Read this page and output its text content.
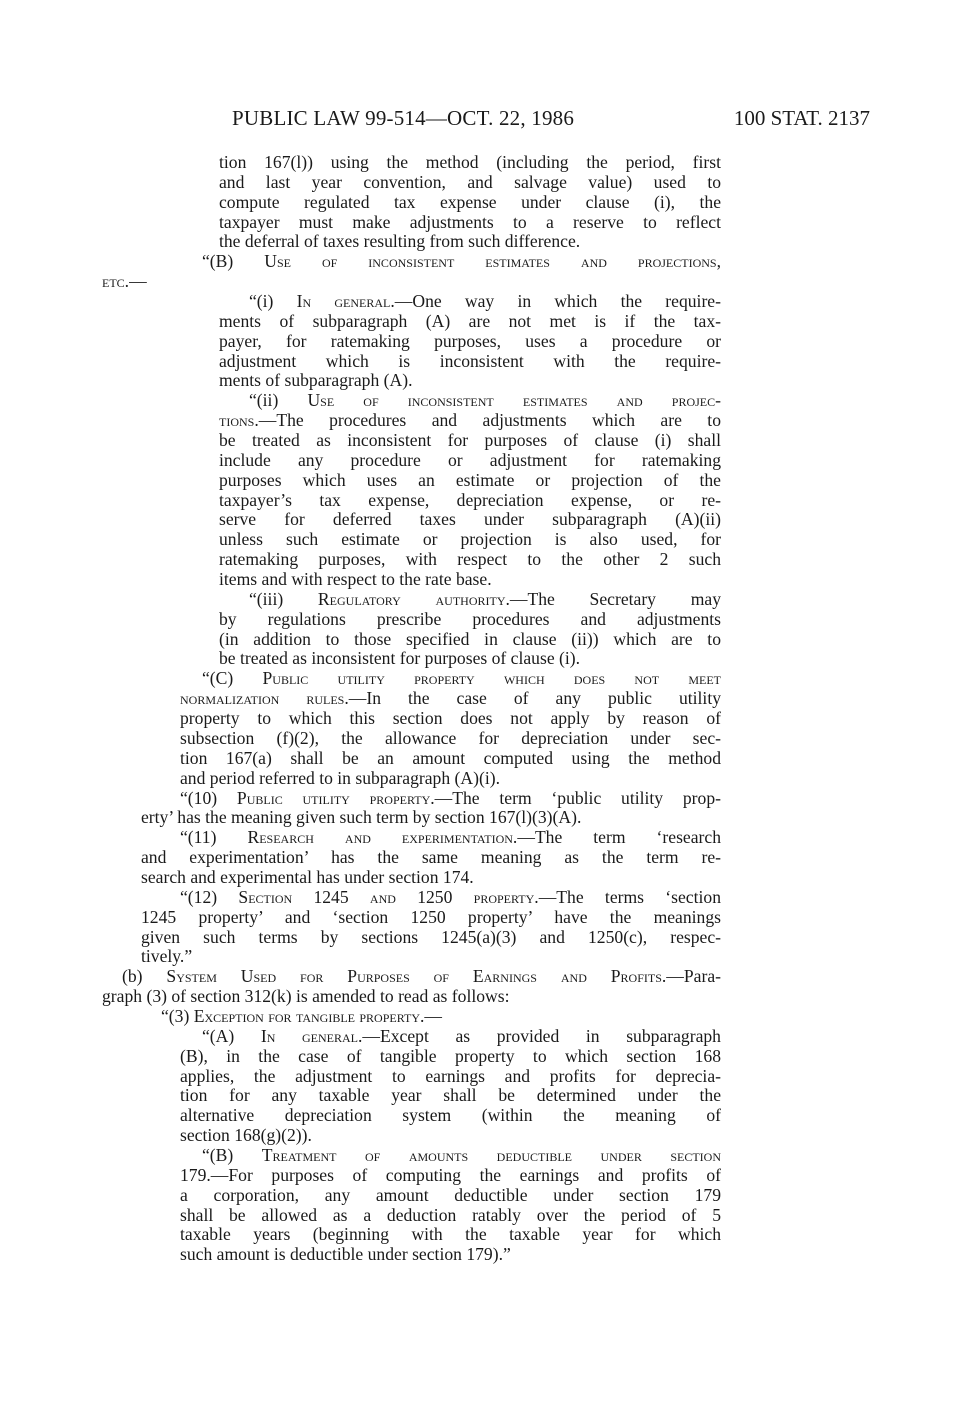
PUBLIC LAW 99-514—OCT. 22, 1986	100 STAT. 2137
tion 167(l)) using the method (including the period, first
and last year convention, and salvage value) used to
compute regulated tax expense under clause (i), the
taxpayer must make adjustments to a reserve to reflect
the deferral of taxes resulting from such difference.
“(B) Use of inconsistent estimates and projections,
etc.—
“(i) In general.—One way in which the require-
ments of subparagraph (A) are not met is if the tax-
payer, for ratemaking purposes, uses a procedure or
adjustment which is inconsistent with the require-
ments of subparagraph (A).
“(ii) Use of inconsistent estimates and projec-
tions.—The procedures and adjustments which are to
be treated as inconsistent for purposes of clause (i) shall
include any procedure or adjustment for ratemaking
purposes which uses an estimate or projection of the
taxpayer’s tax expense, depreciation expense, or re-
serve for deferred taxes under subparagraph (A)(ii)
unless such estimate or projection is also used, for
ratemaking purposes, with respect to the other 2 such
items and with respect to the rate base.
“(iii) Regulatory authority.—The Secretary may
by regulations prescribe procedures and adjustments
(in addition to those specified in clause (ii)) which are to
be treated as inconsistent for purposes of clause (i).
“(C) Public utility property which does not meet
normalization rules.—In the case of any public utility
property to which this section does not apply by reason of
subsection (f)(2), the allowance for depreciation under sec-
tion 167(a) shall be an amount computed using the method
and period referred to in subparagraph (A)(i).
“(10) Public utility property.—The term ‘public utility prop-
erty’ has the meaning given such term by section 167(l)(3)(A).
“(11) Research and experimentation.—The term ‘research
and experimentation’ has the same meaning as the term re-
search and experimental has under section 174.
“(12) Section 1245 and 1250 property.—The terms ‘section
1245 property’ and ‘section 1250 property’ have the meanings
given such terms by sections 1245(a)(3) and 1250(c), respec-
tively.”
(b) System Used for Purposes of Earnings and Profits.—Para-
graph (3) of section 312(k) is amended to read as follows:
“(3) Exception for tangible property.—
“(A) In general.—Except as provided in subparagraph
(B), in the case of tangible property to which section 168
applies, the adjustment to earnings and profits for deprecia-
tion for any taxable year shall be determined under the
alternative depreciation system (within the meaning of
section 168(g)(2)).
“(B) Treatment of amounts deductible under section
179.—For purposes of computing the earnings and profits of
a corporation, any amount deductible under section 179
shall be allowed as a deduction ratably over the period of 5
taxable years (beginning with the taxable year for which
such amount is deductible under section 179).”
